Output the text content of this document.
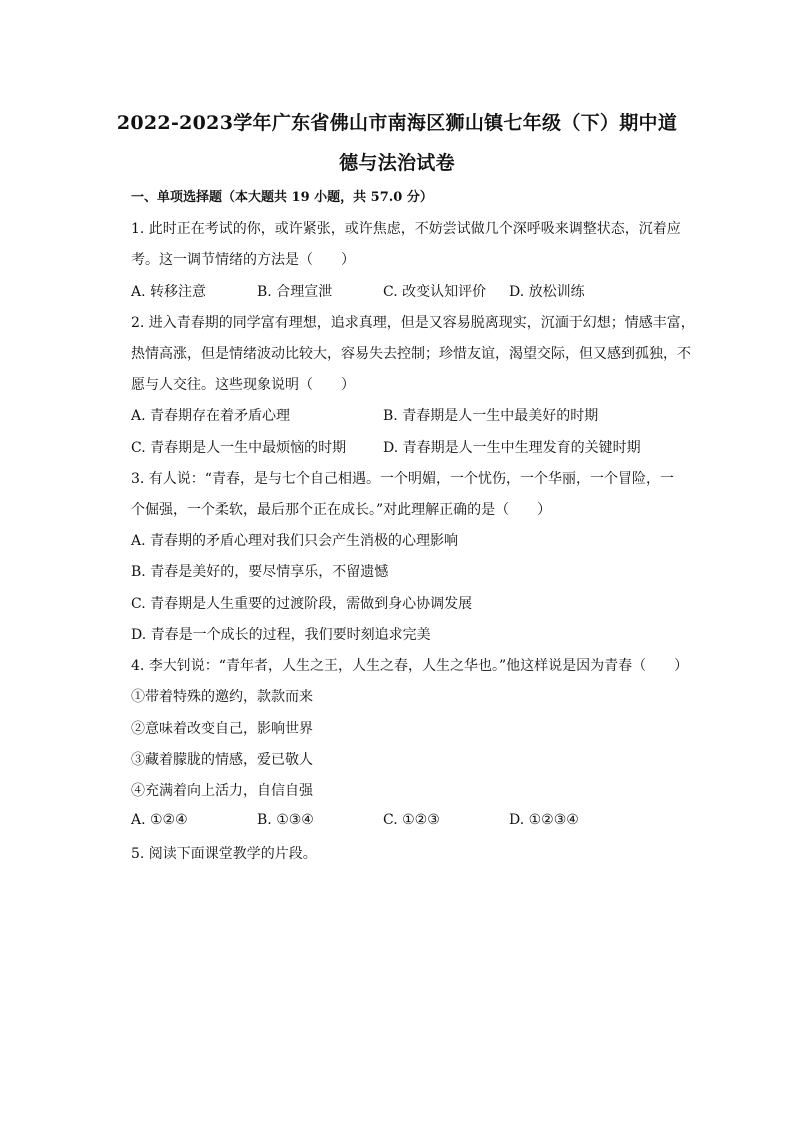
2022-2023学年广东省佛山市南海区狮山镇七年级（下）期中道
德与法治试卷
一、单项选择题（本大题共 19 小题，共 57.0 分）
1. 此时正在考试的你，或许紧张，或许焦虑，不妨尝试做几个深呼吸来调整状态，沉着应
考。这一调节情绪的方法是（　　）
A. 转移注意	B. 合理宣泄	C. 改变认知评价 D. 放松训练
2. 进入青春期的同学富有理想，追求真理，但是又容易脱离现实，沉湎于幻想；情感丰富，
热情高涨，但是情绪波动比较大，容易失去控制；珍惜友谊，渴望交际，但又感到孤独，不
愿与人交往。这些现象说明（　　）
A. 青春期存在着矛盾心理	B. 青春期是人一生中最美好的时期
C. 青春期是人一生中最烦恼的时期	D. 青春期是人一生中生理发育的关键时期
3. 有人说：“青春，是与七个自己相遇。一个明媚，一个忧伤，一个华丽，一个冒险，一
个倔强，一个柔软，最后那个正在成长。”对此理解正确的是（　　）
A. 青春期的矛盾心理对我们只会产生消极的心理影响
B. 青春是美好的，要尽情享乐，不留遗憾
C. 青春期是人生重要的过渡阶段，需做到身心协调发展
D. 青春是一个成长的过程，我们要时刻追求完美
4. 李大钊说：“青年者，人生之王，人生之春，人生之华也。”他这样说是因为青春（　　）
①带着特殊的邀约，款款而来
②意味着改变自己，影响世界
③藏着朦胧的情感，爱已敬人
④充满着向上活力，自信自强
A. ①②④	B. ①③④	C. ①②③	D. ①②③④
5. 阅读下面课堂教学的片段。
